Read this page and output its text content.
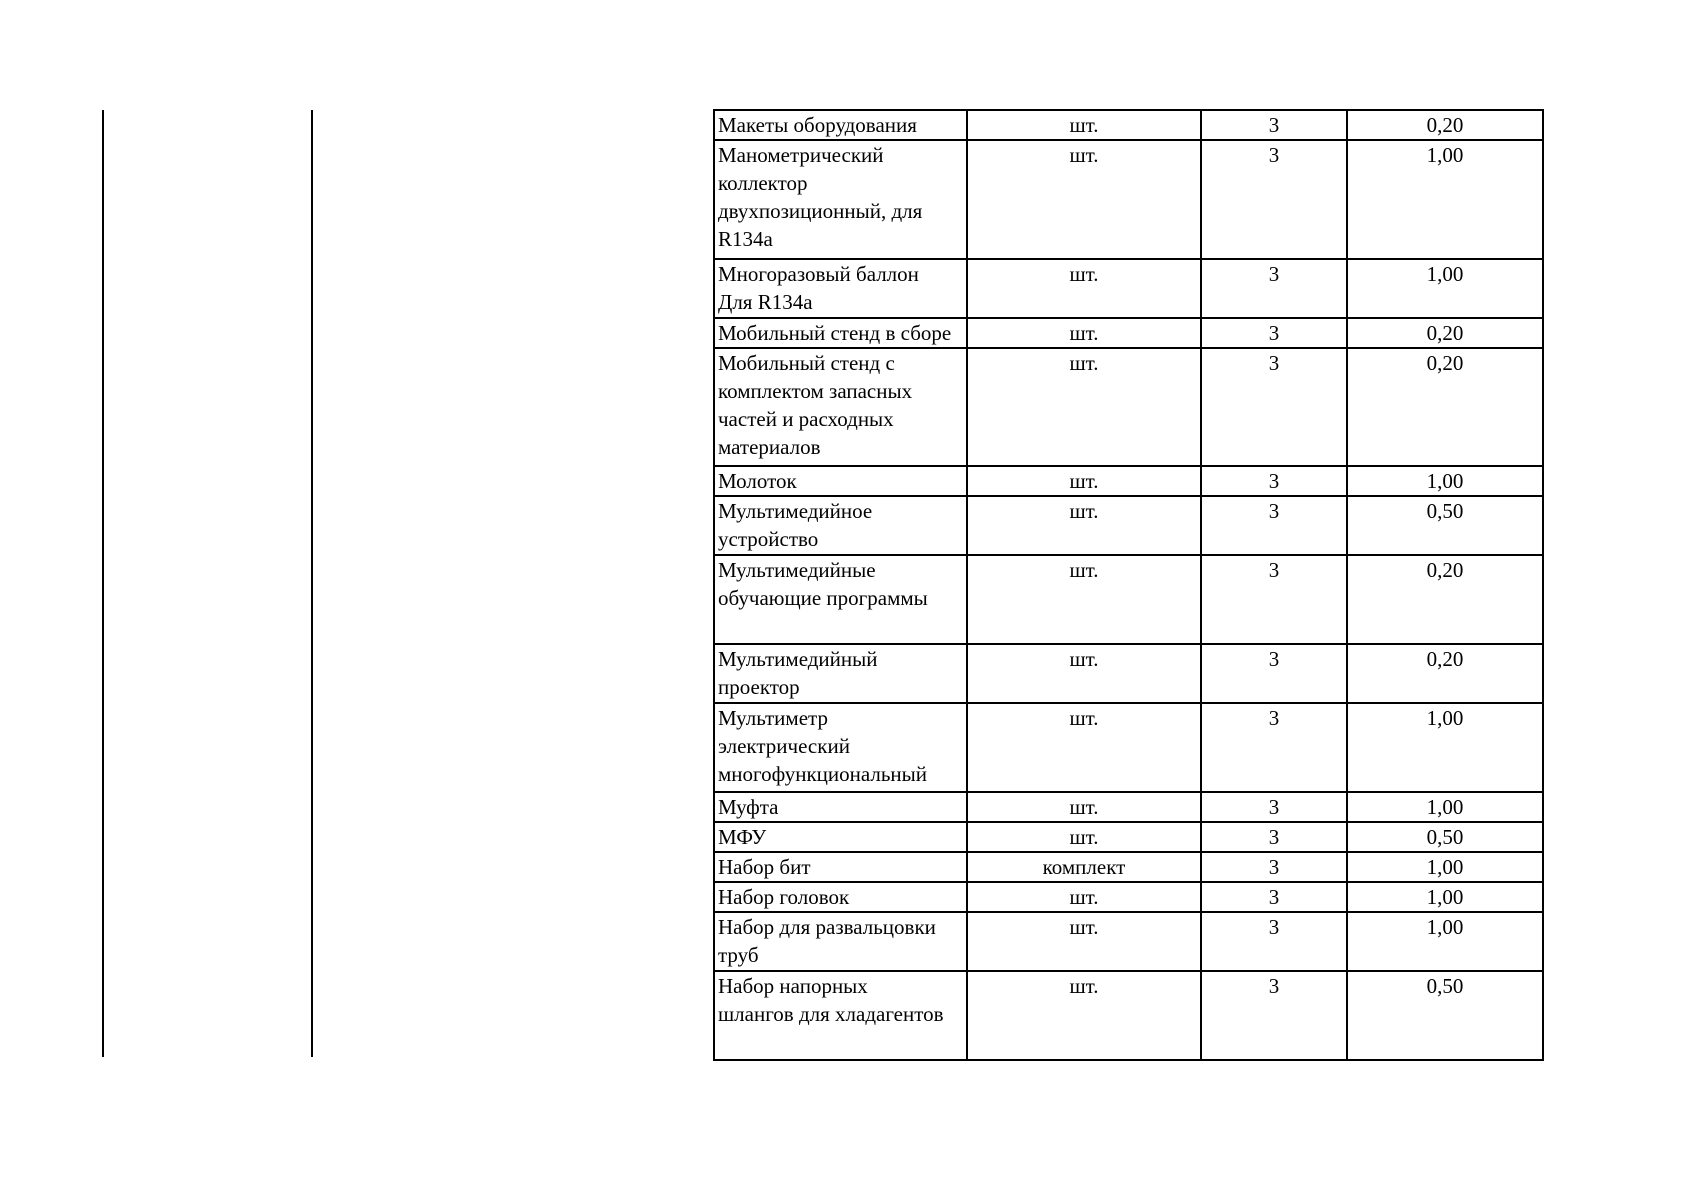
Макеты оборудования	шт.	3	0,20
Манометрический
коллектор
двухпозиционный, для
R134a	шт.	3	1,00
Многоразовый баллон
Для R134a	шт.	3	1,00
Мобильный стенд в сборе	шт.	3	0,20
Мобильный стенд с
комплектом запасных
частей и расходных
материалов	шт.	3	0,20
Молоток	шт.	3	1,00
Мультимедийное
устройство	шт.	3	0,50
Мультимедийные
обучающие программы	шт.	3	0,20
Мультимедийный
проектор	шт.	3	0,20
Мультиметр
электрический
многофункциональный	шт.	3	1,00
Муфта	шт.	3	1,00
МФУ	шт.	3	0,50
Набор бит	комплект	3	1,00
Набор головок	шт.	3	1,00
Набор для развальцовки
труб	шт.	3	1,00
Набор напорных
шлангов для хладагентов	шт.	3	0,50
